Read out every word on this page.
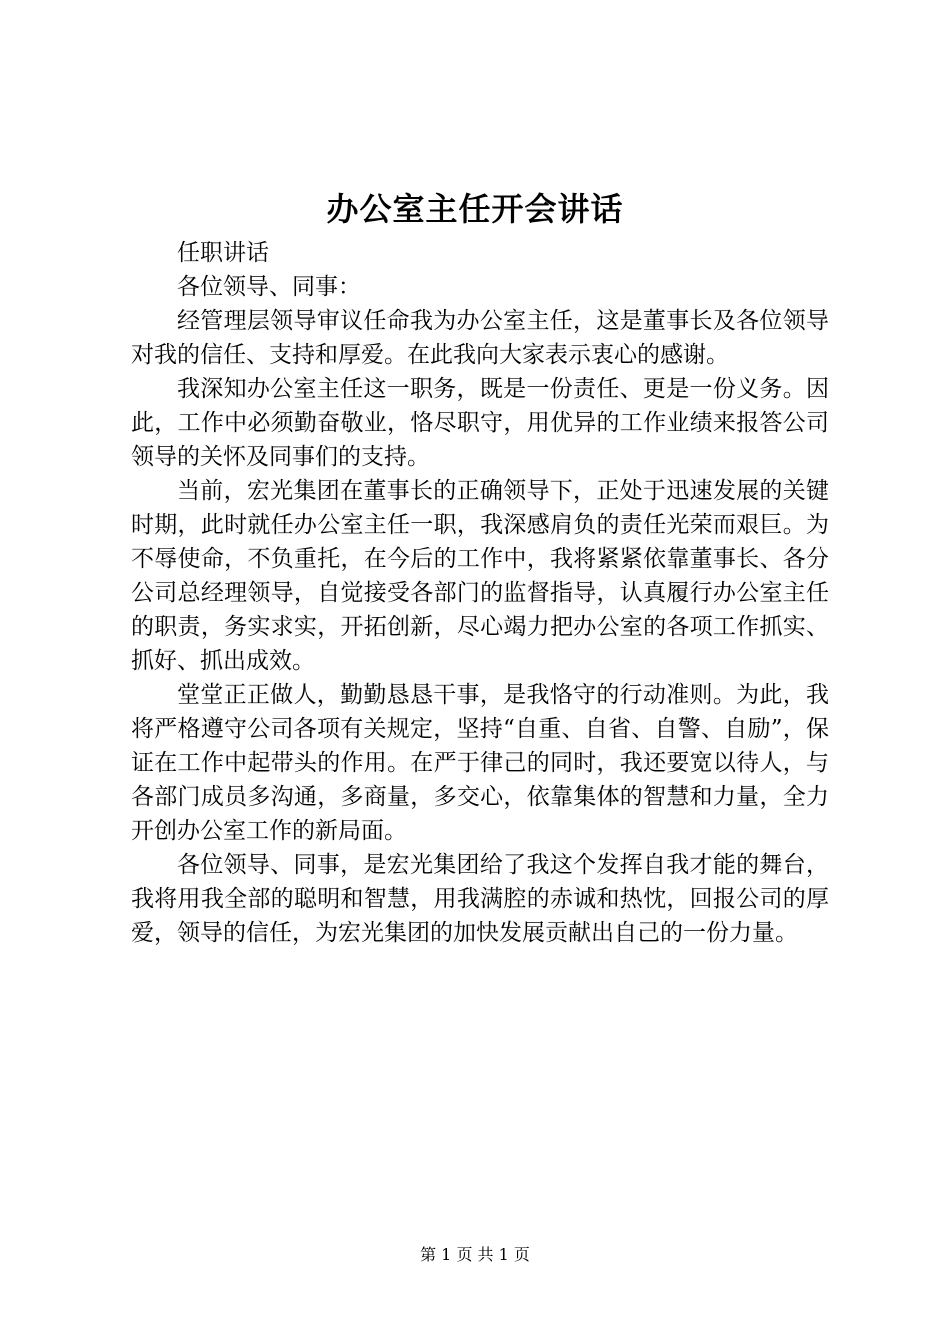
办公室主任开会讲话

任职讲话

各位领导、同事：

经管理层领导审议任命我为办公室主任，这是董事长及各位领导对我的信任、支持和厚爱。在此我向大家表示衷心的感谢。

我深知办公室主任这一职务，既是一份责任、更是一份义务。因此，工作中必须勤奋敬业，恪尽职守，用优异的工作业绩来报答公司领导的关怀及同事们的支持。

当前，宏光集团在董事长的正确领导下，正处于迅速发展的关键时期，此时就任办公室主任一职，我深感肩负的责任光荣而艰巨。为不辱使命，不负重托，在今后的工作中，我将紧紧依靠董事长、各分公司总经理领导，自觉接受各部门的监督指导，认真履行办公室主任的职责，务实求实，开拓创新，尽心竭力把办公室的各项工作抓实、抓好、抓出成效。

堂堂正正做人，勤勤恳恳干事，是我恪守的行动准则。为此，我将严格遵守公司各项有关规定，坚持“自重、自省、自警、自励”，保证在工作中起带头的作用。在严于律己的同时，我还要宽以待人，与各部门成员多沟通，多商量，多交心，依靠集体的智慧和力量，全力开创办公室工作的新局面。

各位领导、同事，是宏光集团给了我这个发挥自我才能的舞台，我将用我全部的聪明和智慧，用我满腔的赤诚和热忱，回报公司的厚爱，领导的信任，为宏光集团的加快发展贡献出自己的一份力量。

第 1 页 共 1 页
